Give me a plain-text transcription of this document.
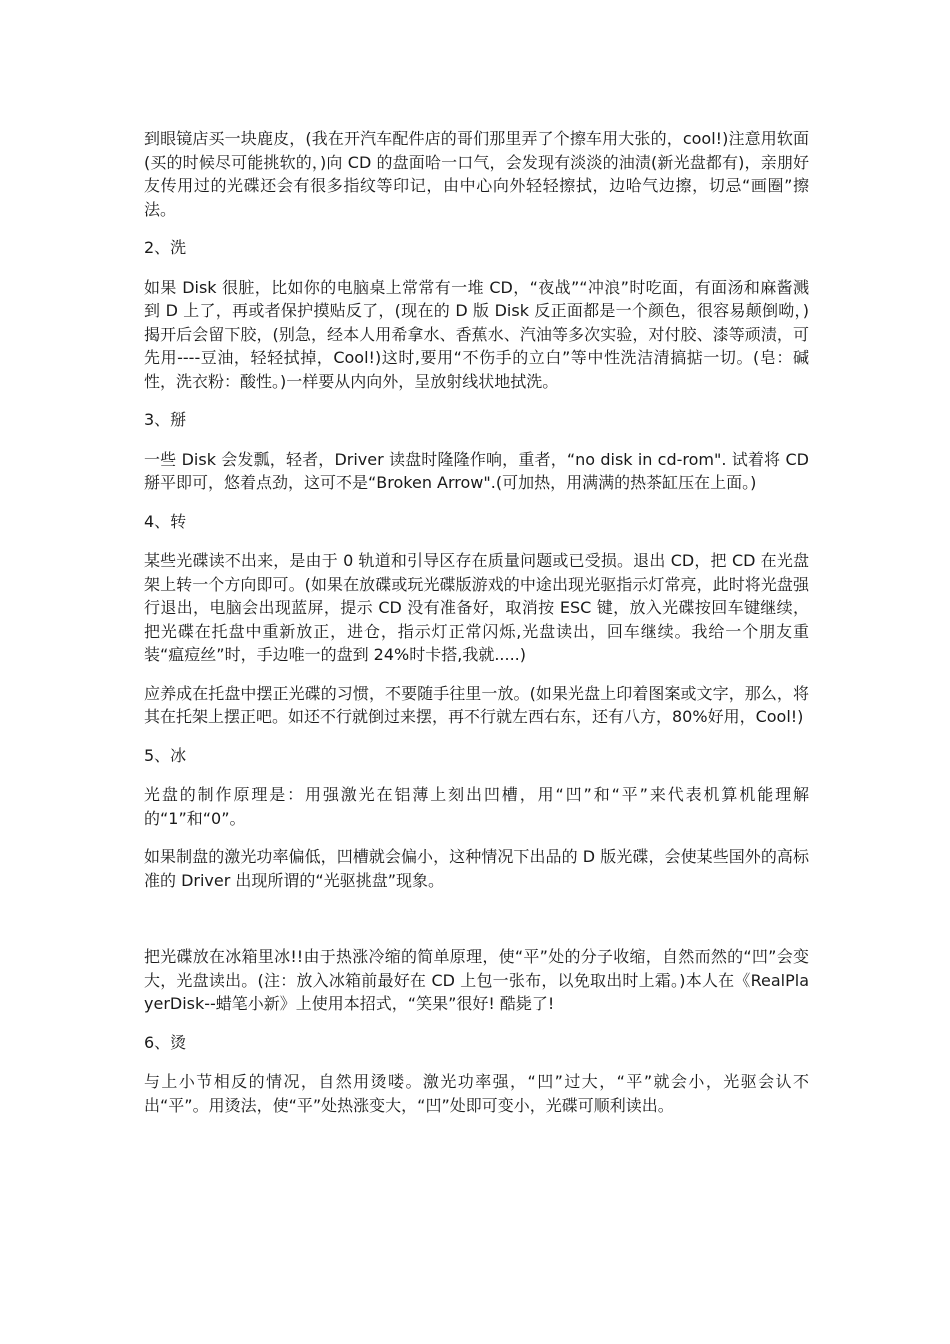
到眼镜店买一块鹿皮，(我在开汽车配件店的哥们那里弄了个擦车用大张的，cool!)注意用软面(买的时候尽可能挑软的，)向 CD 的盘面哈一口气，会发现有淡淡的油渍(新光盘都有)，亲朋好友传用过的光碟还会有很多指纹等印记，由中心向外轻轻擦拭，边哈气边擦，切忌“画圈”擦法。

2、洗

如果 Disk 很脏，比如你的电脑桌上常常有一堆 CD，“夜战”“冲浪”时吃面，有面汤和麻酱溅到 D 上了，再或者保护摸贴反了，(现在的 D 版 Disk 反正面都是一个颜色，很容易颠倒呦，)揭开后会留下胶，(别急，经本人用希拿水、香蕉水、汽油等多次实验，对付胶、漆等顽渍，可先用----豆油，轻轻拭掉，Cool!)这时,要用“不伤手的立白”等中性洗洁清搞掂一切。(皂：碱性，洗衣粉：酸性。)一样要从内向外，呈放射线状地拭洗。

3、掰

一些 Disk 会发瓢，轻者，Driver 读盘时隆隆作响，重者，“no disk in cd-rom". 试着将 CD 掰平即可，悠着点劲，这可不是“Broken Arrow".(可加热，用满满的热茶缸压在上面。)

4、转

某些光碟读不出来，是由于 0 轨道和引导区存在质量问题或已受损。退出 CD，把 CD 在光盘架上转一个方向即可。(如果在放碟或玩光碟版游戏的中途出现光驱指示灯常亮，此时将光盘强行退出，电脑会出现蓝屏，提示 CD 没有准备好，取消按 ESC 键，放入光碟按回车键继续，把光碟在托盘中重新放正，进仓，指示灯正常闪烁,光盘读出，回车继续。我给一个朋友重装“瘟痘丝”时，手边唯一的盘到 24%时卡搭,我就.....)

应养成在托盘中摆正光碟的习惯，不要随手往里一放。(如果光盘上印着图案或文字，那么，将其在托架上摆正吧。如还不行就倒过来摆，再不行就左西右东，还有八方，80%好用，Cool!)

5、冰

光盘的制作原理是：用强激光在铝薄上刻出凹槽，用“凹”和“平”来代表机算机能理解的“1”和“0”。

如果制盘的激光功率偏低，凹槽就会偏小，这种情况下出品的 D 版光碟，会使某些国外的高标准的 Driver 出现所谓的“光驱挑盘”现象。

把光碟放在冰箱里冰!!由于热涨冷缩的简单原理，使“平”处的分子收缩，自然而然的“凹”会变大，光盘读出。(注：放入冰箱前最好在 CD 上包一张布，以免取出时上霜。)本人在《RealPlayerDisk--蜡笔小新》上使用本招式，“笑果”很好! 酷毙了!

6、烫

与上小节相反的情况，自然用烫喽。激光功率强，“凹”过大，“平”就会小，光驱会认不出“平”。用烫法，使“平”处热涨变大，“凹”处即可变小，光碟可顺利读出。
